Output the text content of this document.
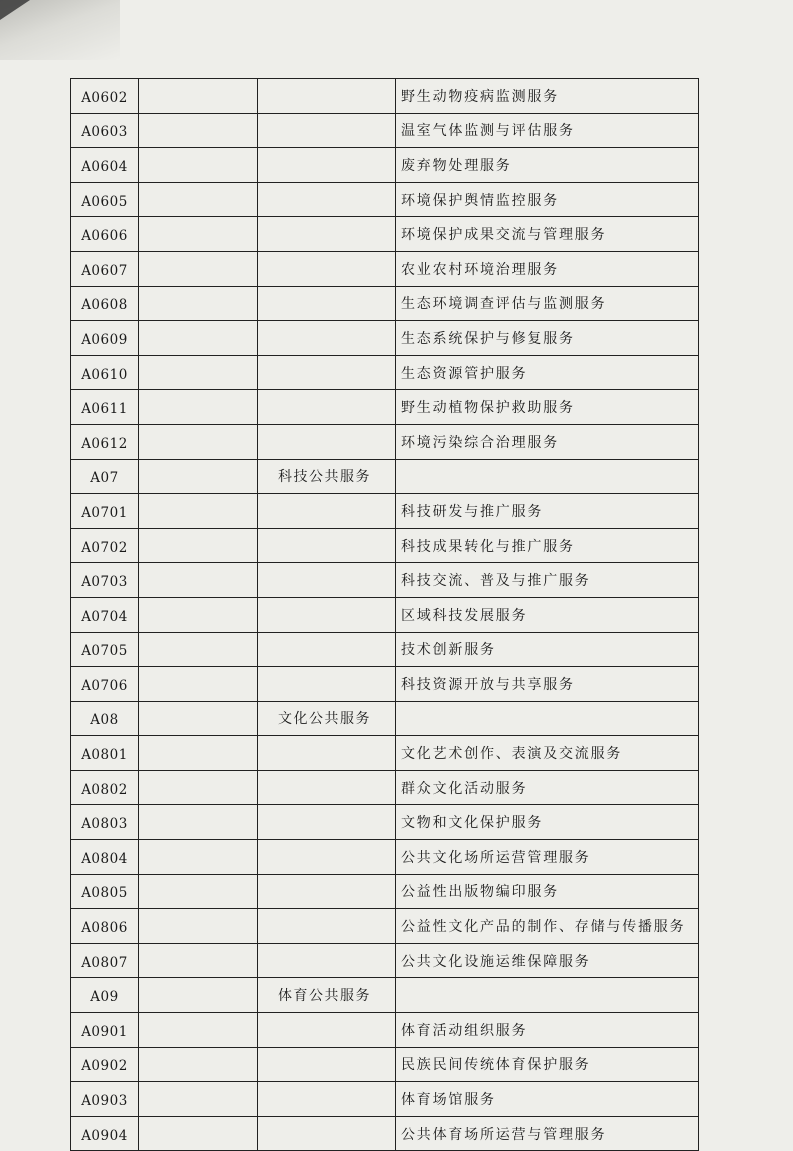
A0602			野生动物疫病监测服务
A0603			温室气体监测与评估服务
A0604			废弃物处理服务
A0605			环境保护舆情监控服务
A0606			环境保护成果交流与管理服务
A0607			农业农村环境治理服务
A0608			生态环境调查评估与监测服务
A0609			生态系统保护与修复服务
A0610			生态资源管护服务
A0611			野生动植物保护救助服务
A0612			环境污染综合治理服务
A07		科技公共服务	
A0701			科技研发与推广服务
A0702			科技成果转化与推广服务
A0703			科技交流、普及与推广服务
A0704			区域科技发展服务
A0705			技术创新服务
A0706			科技资源开放与共享服务
A08		文化公共服务	
A0801			文化艺术创作、表演及交流服务
A0802			群众文化活动服务
A0803			文物和文化保护服务
A0804			公共文化场所运营管理服务
A0805			公益性出版物编印服务
A0806			公益性文化产品的制作、存储与传播服务
A0807			公共文化设施运维保障服务
A09		体育公共服务	
A0901			体育活动组织服务
A0902			民族民间传统体育保护服务
A0903			体育场馆服务
A0904			公共体育场所运营与管理服务
